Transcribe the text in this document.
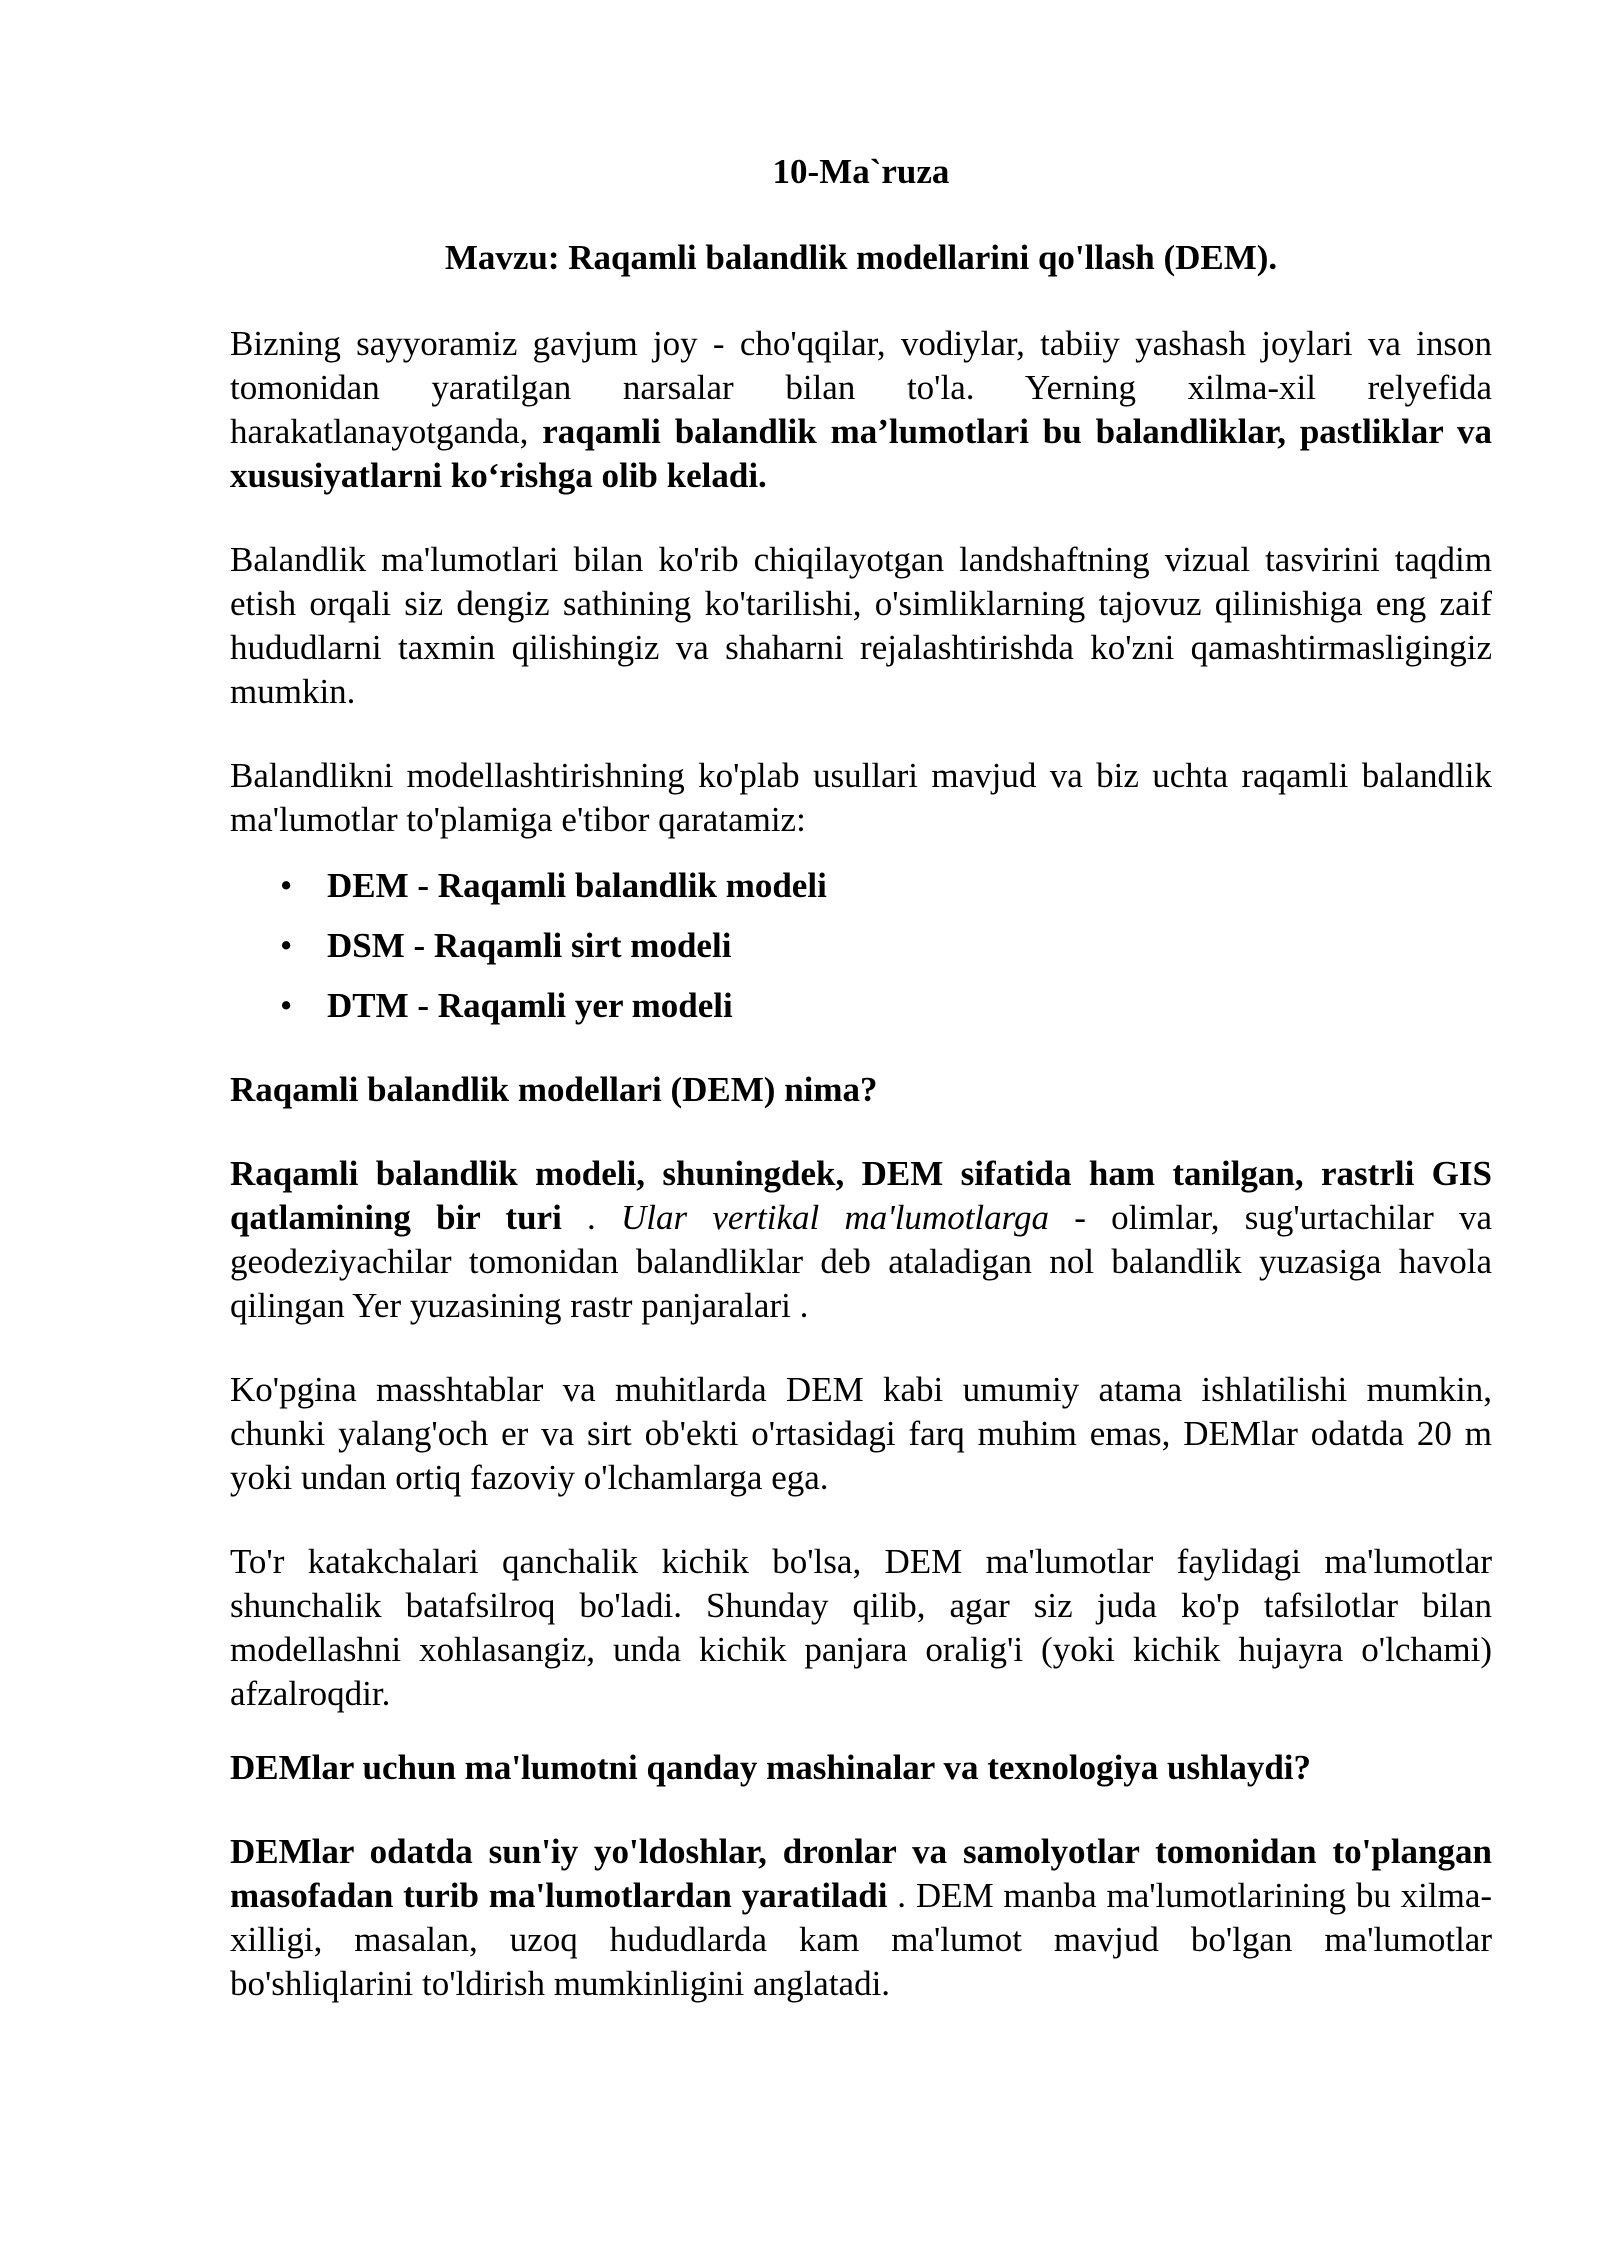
10-Ma`ruza
Mavzu: Raqamli balandlik modellarini qo'llash (DEM).

Bizning sayyoramiz gavjum joy - cho'qqilar, vodiylar, tabiiy yashash joylari va inson tomonidan yaratilgan narsalar bilan to'la. Yerning xilma-xil relyefida harakatlanayotganda, raqamli balandlik ma’lumotlari bu balandliklar, pastliklar va xususiyatlarni ko‘rishga olib keladi.

Balandlik ma'lumotlari bilan ko'rib chiqilayotgan landshaftning vizual tasvirini taqdim etish orqali siz dengiz sathining ko'tarilishi, o'simliklarning tajovuz qilinishiga eng zaif hududlarni taxmin qilishingiz va shaharni rejalashtirishda ko'zni qamashtirmasligingiz mumkin.

Balandlikni modellashtirishning ko'plab usullari mavjud va biz uchta raqamli balandlik ma'lumotlar to'plamiga e'tibor qaratamiz:

• DEM - Raqamli balandlik modeli
• DSM - Raqamli sirt modeli
• DTM - Raqamli yer modeli

Raqamli balandlik modellari (DEM) nima?

Raqamli balandlik modeli, shuningdek, DEM sifatida ham tanilgan, rastrli GIS qatlamining bir turi . Ular vertikal ma'lumotlarga - olimlar, sug'urtachilar va geodeziyachilar tomonidan balandliklar deb ataladigan nol balandlik yuzasiga havola qilingan Yer yuzasining rastr panjaralari .

Ko'pgina masshtablar va muhitlarda DEM kabi umumiy atama ishlatilishi mumkin, chunki yalang'och er va sirt ob'ekti o'rtasidagi farq muhim emas, DEMlar odatda 20 m yoki undan ortiq fazoviy o'lchamlarga ega.

To'r katakchalari qanchalik kichik bo'lsa, DEM ma'lumotlar faylidagi ma'lumotlar shunchalik batafsilroq bo'ladi. Shunday qilib, agar siz juda ko'p tafsilotlar bilan modellashni xohlasangiz, unda kichik panjara oralig'i (yoki kichik hujayra o'lchami) afzalroqdir.

DEMlar uchun ma'lumotni qanday mashinalar va texnologiya ushlaydi?

DEMlar odatda sun'iy yo'ldoshlar, dronlar va samolyotlar tomonidan to'plangan masofadan turib ma'lumotlardan yaratiladi . DEM manba ma'lumotlarining bu xilma-xilligi, masalan, uzoq hududlarda kam ma'lumot mavjud bo'lgan ma'lumotlar bo'shliqlarini to'ldirish mumkinligini anglatadi.
